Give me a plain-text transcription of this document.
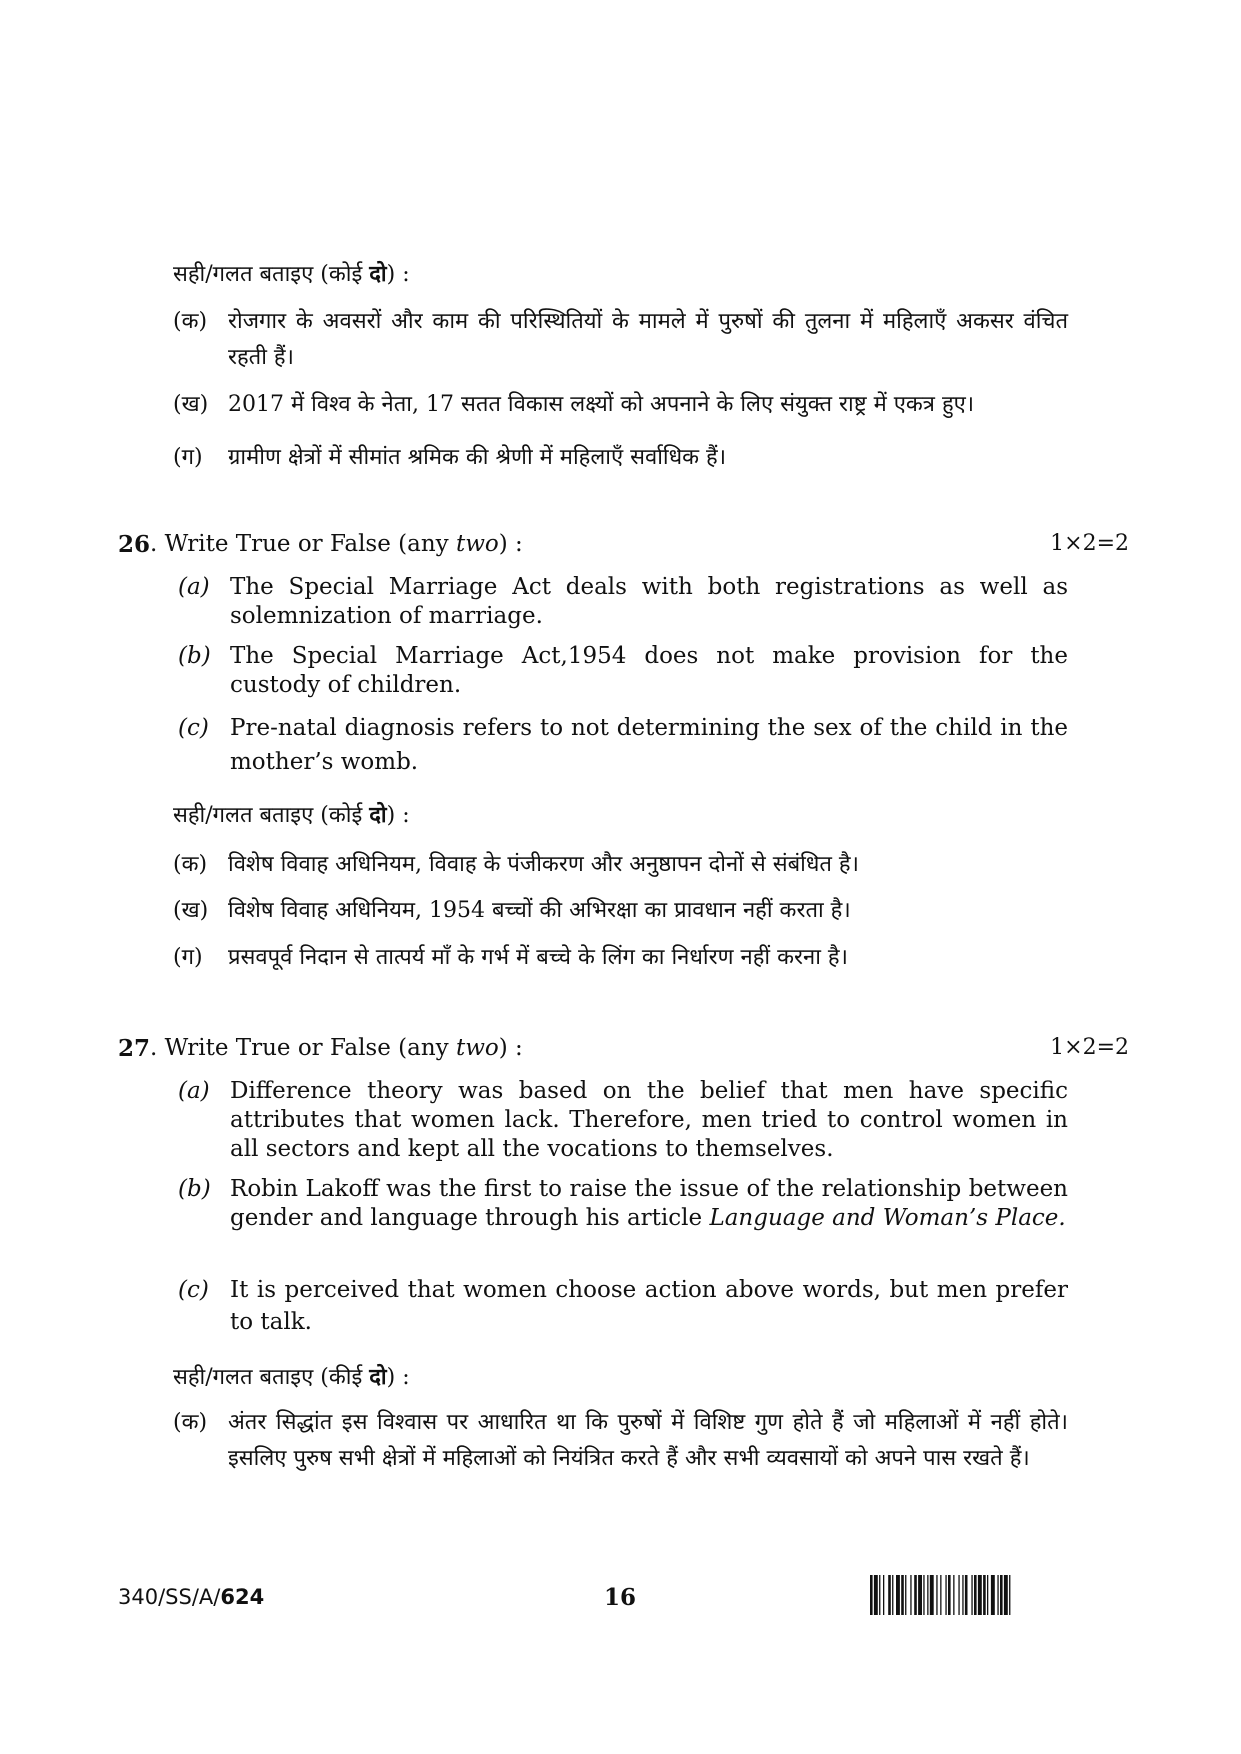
सही/गलत बताइए (कोई दो) :
(क) रोजगार के अवसरों और काम की परिस्थितियों के मामले में पुरुषों की तुलना में महिलाएँ अकसर वंचित रहती हैं।
(ख) 2017 में विश्व के नेता, 17 सतत विकास लक्ष्यों को अपनाने के लिए संयुक्त राष्ट्र में एकत्र हुए।
(ग)	ग्रामीण क्षेत्रों में सीमांत श्रमिक की श्रेणी में महिलाएँ सर्वाधिक हैं।
26 . Write True or False (any two) :	1×2=2
(a) The Special Marriage Act deals with both registrations as well as solemnization of marriage.
(b) The Special Marriage Act,1954 does not make provision for the custody of children.
(c) Pre-natal diagnosis refers to not determining the sex of the child in the mother’s womb.
सही/गलत बताइए (कोई दो) :
(क) विशेष विवाह अधिनियम, विवाह के पंजीकरण और अनुष्ठापन दोनों से संबंधित है।
(ख) विशेष विवाह अधिनियम, 1954 बच्चों की अभिरक्षा का प्रावधान नहीं करता है।
(ग)	प्रसवपूर्व निदान से तात्पर्य माँ के गर्भ में बच्चे के लिंग का निर्धारण नहीं करना है।
27 . Write True or False (any two) :	1×2=2
(a) Difference theory was based on the belief that men have specific attributes that women lack. Therefore, men tried to control women in all sectors and kept all the vocations to themselves.
(b) Robin Lakoff was the first to raise the issue of the relationship between gender and language through his article Language and Woman’s Place.
(c) It is perceived that women choose action above words, but men prefer to talk.
सही/गलत बताइए (कीई दो) :
(क) अंतर सिद्धांत इस विश्वास पर आधारित था कि पुरुषों में विशिष्ट गुण होते हैं जो महिलाओं में नहीं होते। इसलिए पुरुष सभी क्षेत्रों में महिलाओं को नियंत्रित करते हैं और सभी व्यवसायों को अपने पास रखते हैं।
340/SS/A/624	16
